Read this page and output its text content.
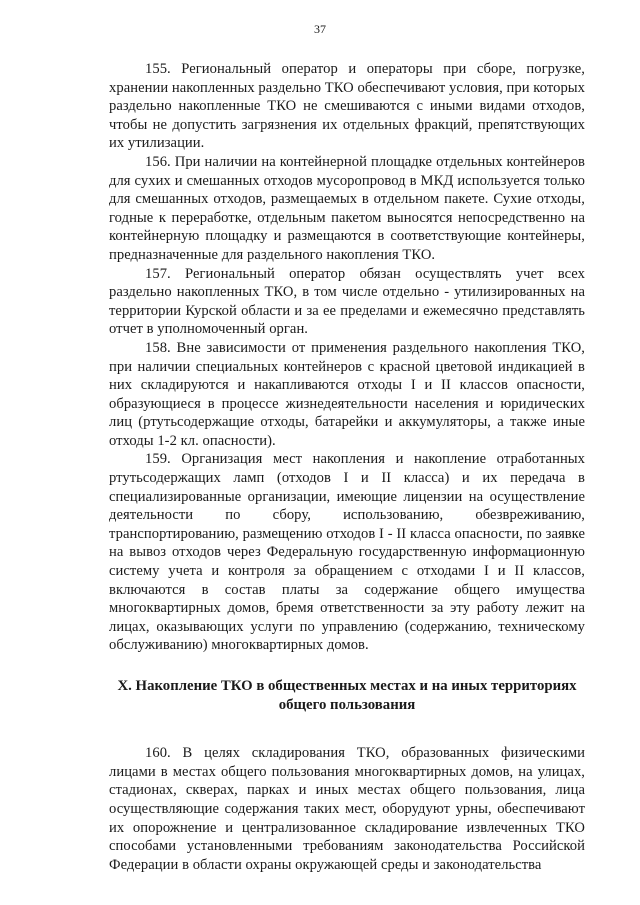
37

155. Региональный оператор и операторы при сборе, погрузке, хранении накопленных раздельно ТКО обеспечивают условия, при которых раздельно накопленные ТКО не смешиваются с иными видами отходов, чтобы не допустить загрязнения их отдельных фракций, препятствующих их утилизации.

156. При наличии на контейнерной площадке отдельных контейнеров для сухих и смешанных отходов мусоропровод в МКД используется только для смешанных отходов, размещаемых в отдельном пакете. Сухие отходы, годные к переработке, отдельным пакетом выносятся непосредственно на контейнерную площадку и размещаются в соответствующие контейнеры, предназначенные для раздельного накопления ТКО.

157. Региональный оператор обязан осуществлять учет всех раздельно накопленных ТКО, в том числе отдельно - утилизированных на территории Курской области и за ее пределами и ежемесячно представлять отчет в уполномоченный орган.

158. Вне зависимости от применения раздельного накопления ТКО, при наличии специальных контейнеров с красной цветовой индикацией в них складируются и накапливаются отходы I и II классов опасности, образующиеся в процессе жизнедеятельности населения и юридических лиц (ртутьсодержащие отходы, батарейки и аккумуляторы, а также иные отходы 1-2 кл. опасности).

159. Организация мест накопления и накопление отработанных ртутьсодержащих ламп (отходов I и II класса) и их передача в специализированные организации, имеющие лицензии на осуществление деятельности по сбору, использованию, обезвреживанию, транспортированию, размещению отходов I - II класса опасности, по заявке на вывоз отходов через Федеральную государственную информационную систему учета и контроля за обращением с отходами I и II классов, включаются в состав платы за содержание общего имущества многоквартирных домов, бремя ответственности за эту работу лежит на лицах, оказывающих услуги по управлению (содержанию, техническому обслуживанию) многоквартирных домов.

X. Накопление ТКО в общественных местах и на иных территориях
общего пользования

160. В целях складирования ТКО, образованных физическими лицами в местах общего пользования многоквартирных домов, на улицах, стадионах, скверах, парках и иных местах общего пользования, лица осуществляющие содержания таких мест, оборудуют урны, обеспечивают их опорожнение и централизованное складирование извлеченных ТКО способами установленными требованиям законодательства Российской Федерации в области охраны окружающей среды и законодательства
